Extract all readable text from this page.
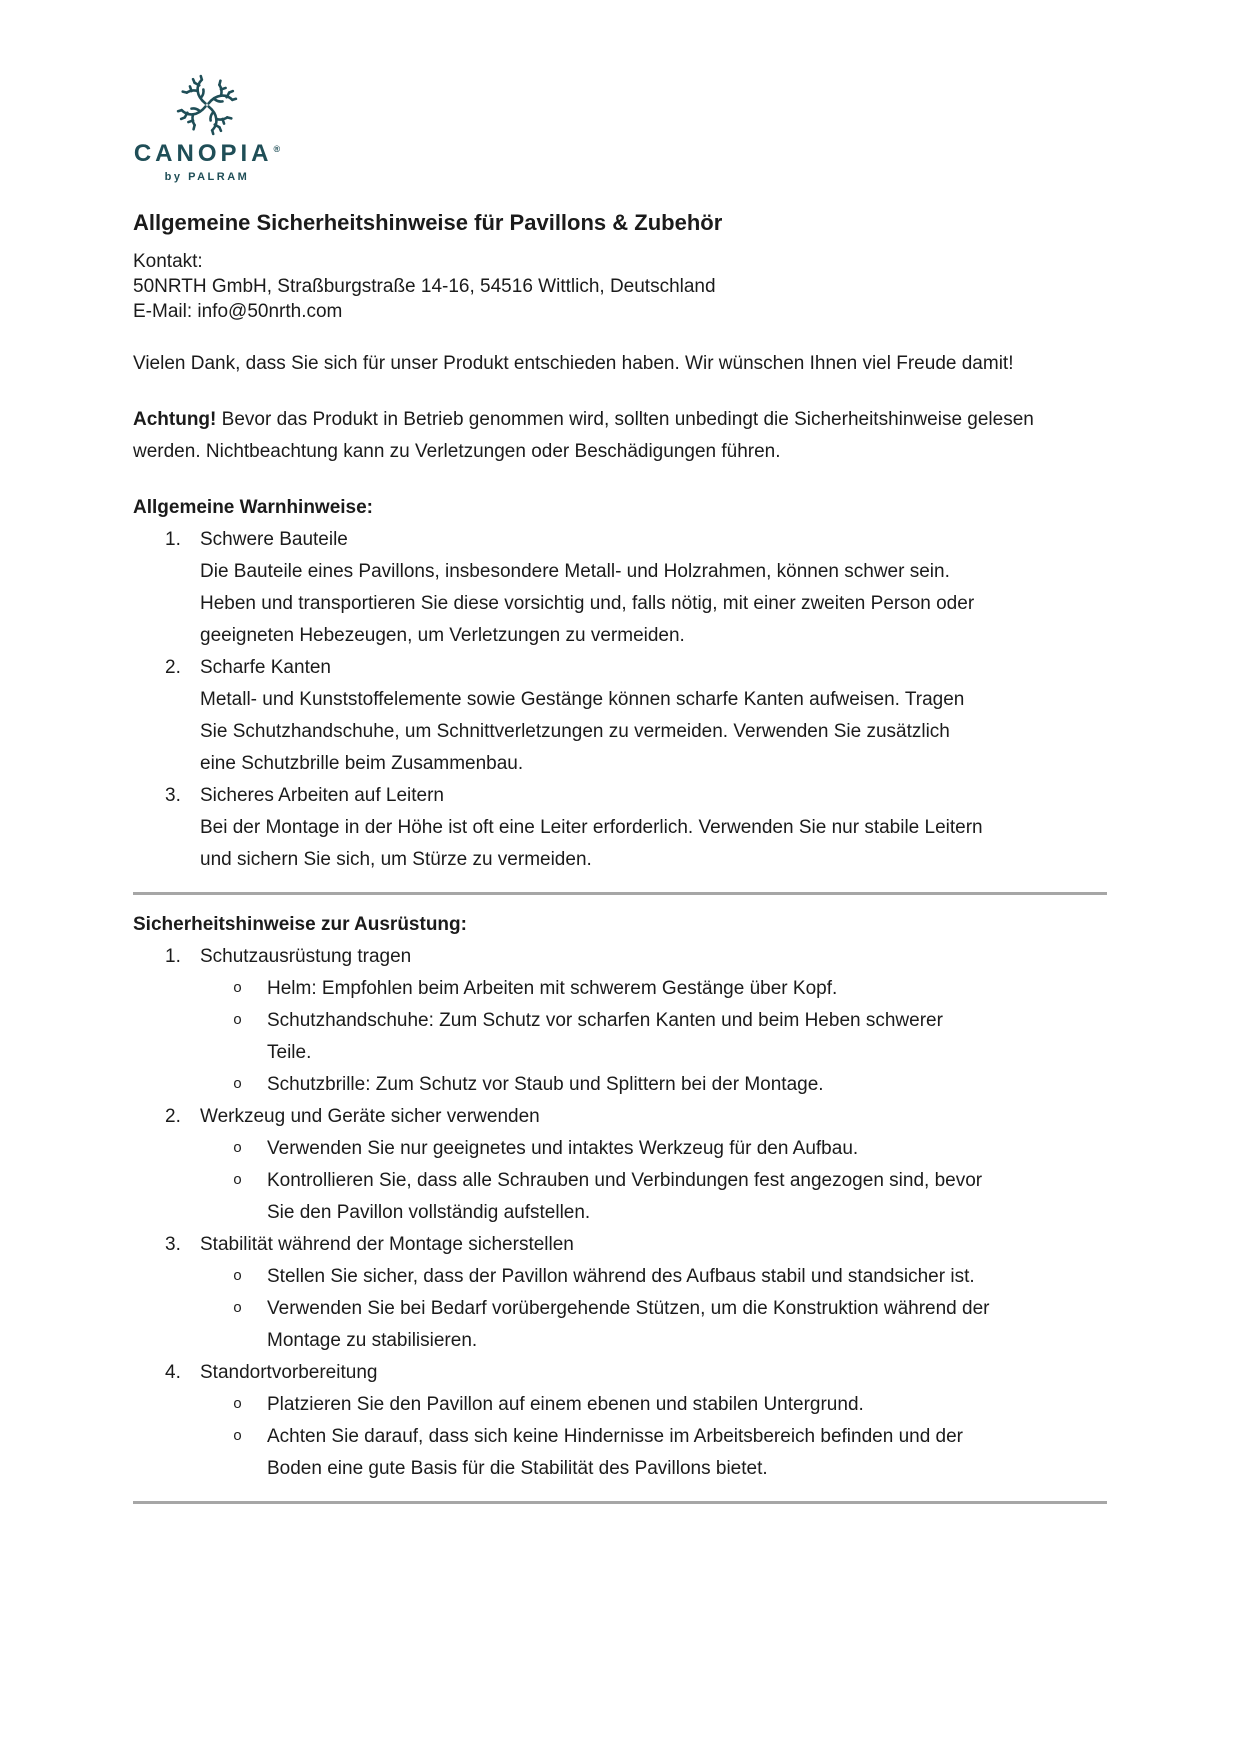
CANOPIA®
by PALRAM
Allgemeine Sicherheitshinweise für Pavillons & Zubehör
Kontakt:
50NRTH GmbH, Straßburgstraße 14-16, 54516 Wittlich, Deutschland
E-Mail: info@50nrth.com

Vielen Dank, dass Sie sich für unser Produkt entschieden haben. Wir wünschen Ihnen viel Freude damit!

Achtung! Bevor das Produkt in Betrieb genommen wird, sollten unbedingt die Sicherheitshinweise gelesen werden. Nichtbeachtung kann zu Verletzungen oder Beschädigungen führen.

Allgemeine Warnhinweise:
1.	Schwere Bauteile
Die Bauteile eines Pavillons, insbesondere Metall- und Holzrahmen, können schwer sein. Heben und transportieren Sie diese vorsichtig und, falls nötig, mit einer zweiten Person oder geeigneten Hebezeugen, um Verletzungen zu vermeiden.
2.	Scharfe Kanten
Metall- und Kunststoffelemente sowie Gestänge können scharfe Kanten aufweisen. Tragen Sie Schutzhandschuhe, um Schnittverletzungen zu vermeiden. Verwenden Sie zusätzlich eine Schutzbrille beim Zusammenbau.
3.	Sicheres Arbeiten auf Leitern
Bei der Montage in der Höhe ist oft eine Leiter erforderlich. Verwenden Sie nur stabile Leitern und sichern Sie sich, um Stürze zu vermeiden.
Sicherheitshinweise zur Ausrüstung:
1.	Schutzausrüstung tragen
o	Helm: Empfohlen beim Arbeiten mit schwerem Gestänge über Kopf.
o	Schutzhandschuhe: Zum Schutz vor scharfen Kanten und beim Heben schwerer Teile.
o	Schutzbrille: Zum Schutz vor Staub und Splittern bei der Montage.
2.	Werkzeug und Geräte sicher verwenden
o	Verwenden Sie nur geeignetes und intaktes Werkzeug für den Aufbau.
o	Kontrollieren Sie, dass alle Schrauben und Verbindungen fest angezogen sind, bevor Sie den Pavillon vollständig aufstellen.
3.	Stabilität während der Montage sicherstellen
o	Stellen Sie sicher, dass der Pavillon während des Aufbaus stabil und standsicher ist.
o	Verwenden Sie bei Bedarf vorübergehende Stützen, um die Konstruktion während der Montage zu stabilisieren.
4.	Standortvorbereitung
o	Platzieren Sie den Pavillon auf einem ebenen und stabilen Untergrund.
o	Achten Sie darauf, dass sich keine Hindernisse im Arbeitsbereich befinden und der Boden eine gute Basis für die Stabilität des Pavillons bietet.
